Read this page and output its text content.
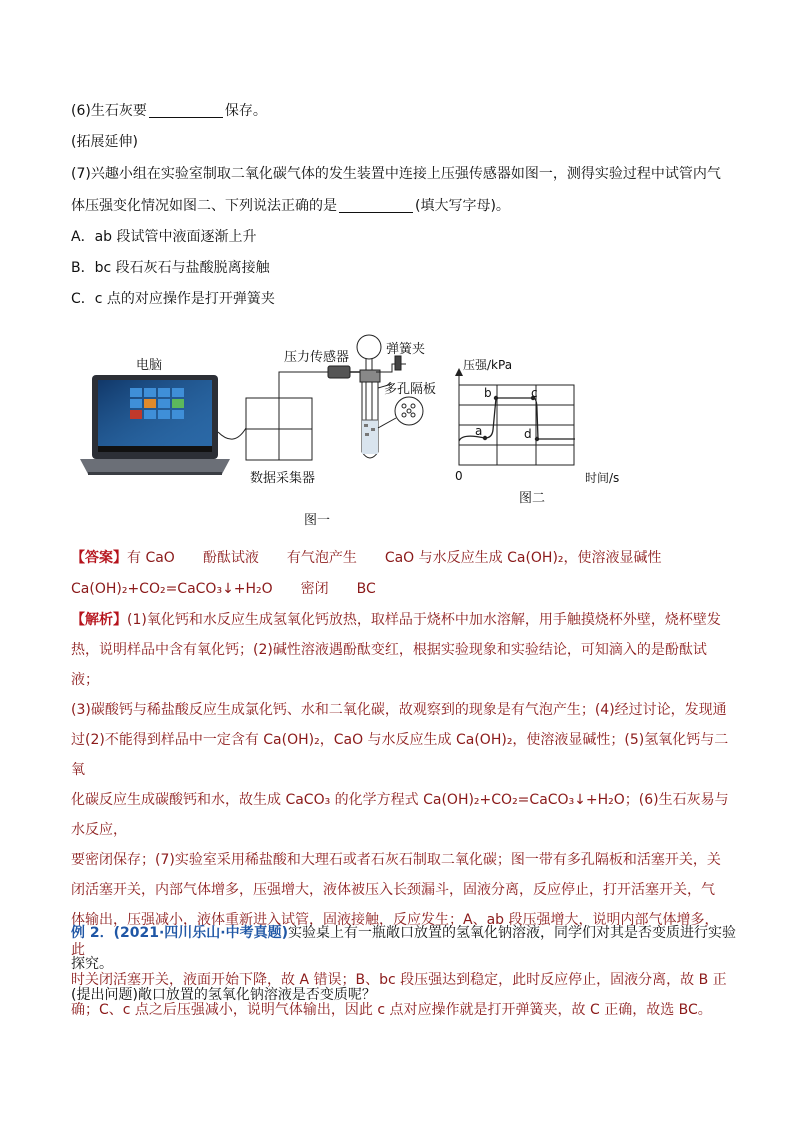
(6)生石灰要	保存。
(拓展延伸)
(7)兴趣小组在实验室制取二氧化碳气体的发生装置中连接上压强传感器如图一，测得实验过程中试管内气
体压强变化情况如图二、下列说法正确的是	(填大写字母)。
A．ab 段试管中液面逐渐上升
B．bc 段石灰石与盐酸脱离接触
C．c 点的对应操作是打开弹簧夹
电脑
压力传感器
弹簧夹
多孔隔板
数据采集器
图一
压强/kPa
时间/s
0
a
b	c
d
图二
【答案】有 CaO　　酚酞试液　　有气泡产生　　CaO 与水反应生成 Ca(OH)₂，使溶液显碱性
Ca(OH)₂+CO₂=CaCO₃↓+H₂O　　密闭　　BC
【解析】(1)氧化钙和水反应生成氢氧化钙放热，取样品于烧杯中加水溶解，用手触摸烧杯外壁，烧杯壁发
热，说明样品中含有氧化钙；(2)碱性溶液遇酚酞变红，根据实验现象和实验结论，可知滴入的是酚酞试液；
(3)碳酸钙与稀盐酸反应生成氯化钙、水和二氧化碳，故观察到的现象是有气泡产生；(4)经过讨论，发现通
过(2)不能得到样品中一定含有 Ca(OH)₂，CaO 与水反应生成 Ca(OH)₂，使溶液显碱性；(5)氢氧化钙与二氧
化碳反应生成碳酸钙和水，故生成 CaCO₃ 的化学方程式 Ca(OH)₂+CO₂=CaCO₃↓+H₂O；(6)生石灰易与水反应，
要密闭保存；(7)实验室采用稀盐酸和大理石或者石灰石制取二氧化碳；图一带有多孔隔板和活塞开关，关
闭活塞开关，内部气体增多，压强增大，液体被压入长颈漏斗，固液分离，反应停止，打开活塞开关，气
体输出，压强减小，液体重新进入试管，固液接触，反应发生；A、ab 段压强增大，说明内部气体增多，此
时关闭活塞开关，液面开始下降，故 A 错误；B、bc 段压强达到稳定，此时反应停止，固液分离，故 B 正
确；C、c 点之后压强减小，说明气体输出，因此 c 点对应操作就是打开弹簧夹，故 C 正确，故选 BC。
例 2．(2021·四川乐山·中考真题)实验桌上有一瓶敞口放置的氢氧化钠溶液，同学们对其是否变质进行实验
探究。
(提出问题)敞口放置的氢氧化钠溶液是否变质呢？
